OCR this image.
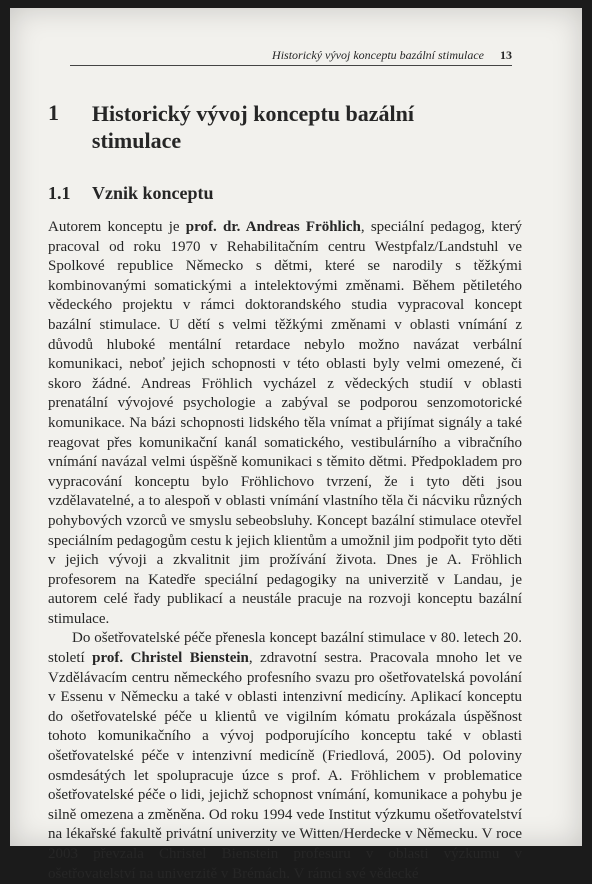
Historický vývoj konceptu bazální stimulace 13
1	Historický vývoj konceptu bazální stimulace
1.1	Vznik konceptu

Autorem konceptu je prof. dr. Andreas Fröhlich, speciální pedagog, který pracoval od roku 1970 v Rehabilitačním centru Westpfalz/Landstuhl ve Spolkové republice Německo s dětmi, které se narodily s těžkými kombinovanými somatickými a intelektovými změnami. Během pětiletého vědeckého projektu v rámci doktorandského studia vypracoval koncept bazální stimulace. U dětí s velmi těžkými změnami v oblasti vnímání z důvodů hluboké mentální retardace nebylo možno navázat verbální komunikaci, neboť jejich schopnosti v této oblasti byly velmi omezené, či skoro žádné. Andreas Fröhlich vycházel z vědeckých studií v oblasti prenatální vývojové psychologie a zabýval se podporou senzomotorické komunikace. Na bázi schopnosti lidského těla vnímat a přijímat signály a také reagovat přes komunikační kanál somatického, vestibulárního a vibračního vnímání navázal velmi úspěšně komunikaci s těmito dětmi. Předpokladem pro vypracování konceptu bylo Fröhlichovo tvrzení, že i tyto děti jsou vzdělavatelné, a to alespoň v oblasti vnímání vlastního těla či nácviku různých pohybových vzorců ve smyslu sebeobsluhy. Koncept bazální stimulace otevřel speciálním pedagogům cestu k jejich klientům a umožnil jim podpořit tyto děti v jejich vývoji a zkvalitnit jim prožívání života. Dnes je A. Fröhlich profesorem na Katedře speciální pedagogiky na univerzitě v Landau, je autorem celé řady publikací a neustále pracuje na rozvoji konceptu bazální stimulace.

Do ošetřovatelské péče přenesla koncept bazální stimulace v 80. letech 20. století prof. Christel Bienstein, zdravotní sestra. Pracovala mnoho let ve Vzdělávacím centru německého profesního svazu pro ošetřovatelská povolání v Essenu v Německu a také v oblasti intenzivní medicíny. Aplikací konceptu do ošetřovatelské péče u klientů ve vigilním kómatu prokázala úspěšnost tohoto komunikačního a vývoj podporujícího konceptu také v oblasti ošetřovatelské péče v intenzivní medicíně (Friedlová, 2005). Od poloviny osmdesátých let spolupracuje úzce s prof. A. Fröhlichem v problematice ošetřovatelské péče o lidi, jejichž schopnost vnímání, komunikace a pohybu je silně omezena a změněna. Od roku 1994 vede Institut výzkumu ošetřovatelství na lékařské fakultě privátní univerzity ve Witten/Herdecke v Německu. V roce 2003 převzala Christel Bienstein profesuru v oblasti výzkumu v ošetřovatelství na univerzitě v Brémách. V rámci své vědecké
